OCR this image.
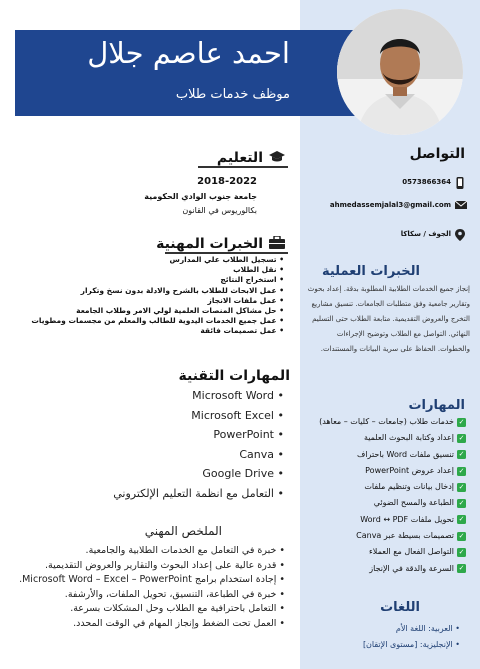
احمد عاصم جلال
موظف خدمات طلاب
التواصل
0573866364
ahmedassemjalal3@gmail.com
الجوف / سكاكا
الخبرات العملية
إنجاز جميع الخدمات الطلابية المطلوبة بدقة. إعداد بحوث وتقارير جامعية وفق متطلبات الجامعات. تنسيق مشاريع التخرج والعروض التقديمية. متابعة الطلاب حتى التسليم النهائي. التواصل مع الطلاب وتوضيح الإجراءات والخطوات. الحفاظ على سرية البيانات والمستندات.
المهارات
✓
خدمات طلاب (جامعات – كليات – معاهد)
✓
إعداد وكتابة البحوث العلمية
✓
تنسيق ملفات Word باحتراف
✓
إعداد عروض PowerPoint
✓
إدخال بيانات وتنظيم ملفات
✓
الطباعة والمسح الضوئي
✓
تحويل ملفات Word ↔ PDF
✓
تصميمات بسيطة عبر Canva
✓
التواصل الفعال مع العملاء
✓
السرعة والدقة في الإنجاز
اللغات
• العربية: اللغة الأم
• الإنجليزية: [مستوى الإتقان]
التعليم
2018-2022
جامعة جنوب الوادي الحكومية
بكالوريوس في القانون
الخبرات المهنية
• تسجيل الطلاب علي المدارس
• نقل الطلاب
• استخراج النتائج
• عمل الابحاث للطلاب بالشرح والادلة بدون نسخ وتكرار
• عمل ملفات الانجاز
• حل مشاكل المنصات العلمية لولي الامر وطلاب الجامعة
• عمل جميع الخدمات اليدوية للطالب والمعلم من مجسمات ومطويات
• عمل تصميمات فائقة
المهارات التقنية
• Microsoft Word
• Microsoft Excel
• PowerPoint
• Canva
• Google Drive
• التعامل مع انظمة التعليم الإلكتروني
الملخص المهني
• خبرة في التعامل مع الخدمات الطلابية والجامعية.
• قدرة عالية على إعداد البحوث والتقارير والعروض التقديمية.
• إجادة استخدام برامج Microsoft Word – Excel – PowerPoint.
• خبرة في الطباعة، التنسيق، تحويل الملفات، والأرشفة.
• التعامل باحترافية مع الطلاب وحل المشكلات بسرعة.
• العمل تحت الضغط وإنجاز المهام في الوقت المحدد.
